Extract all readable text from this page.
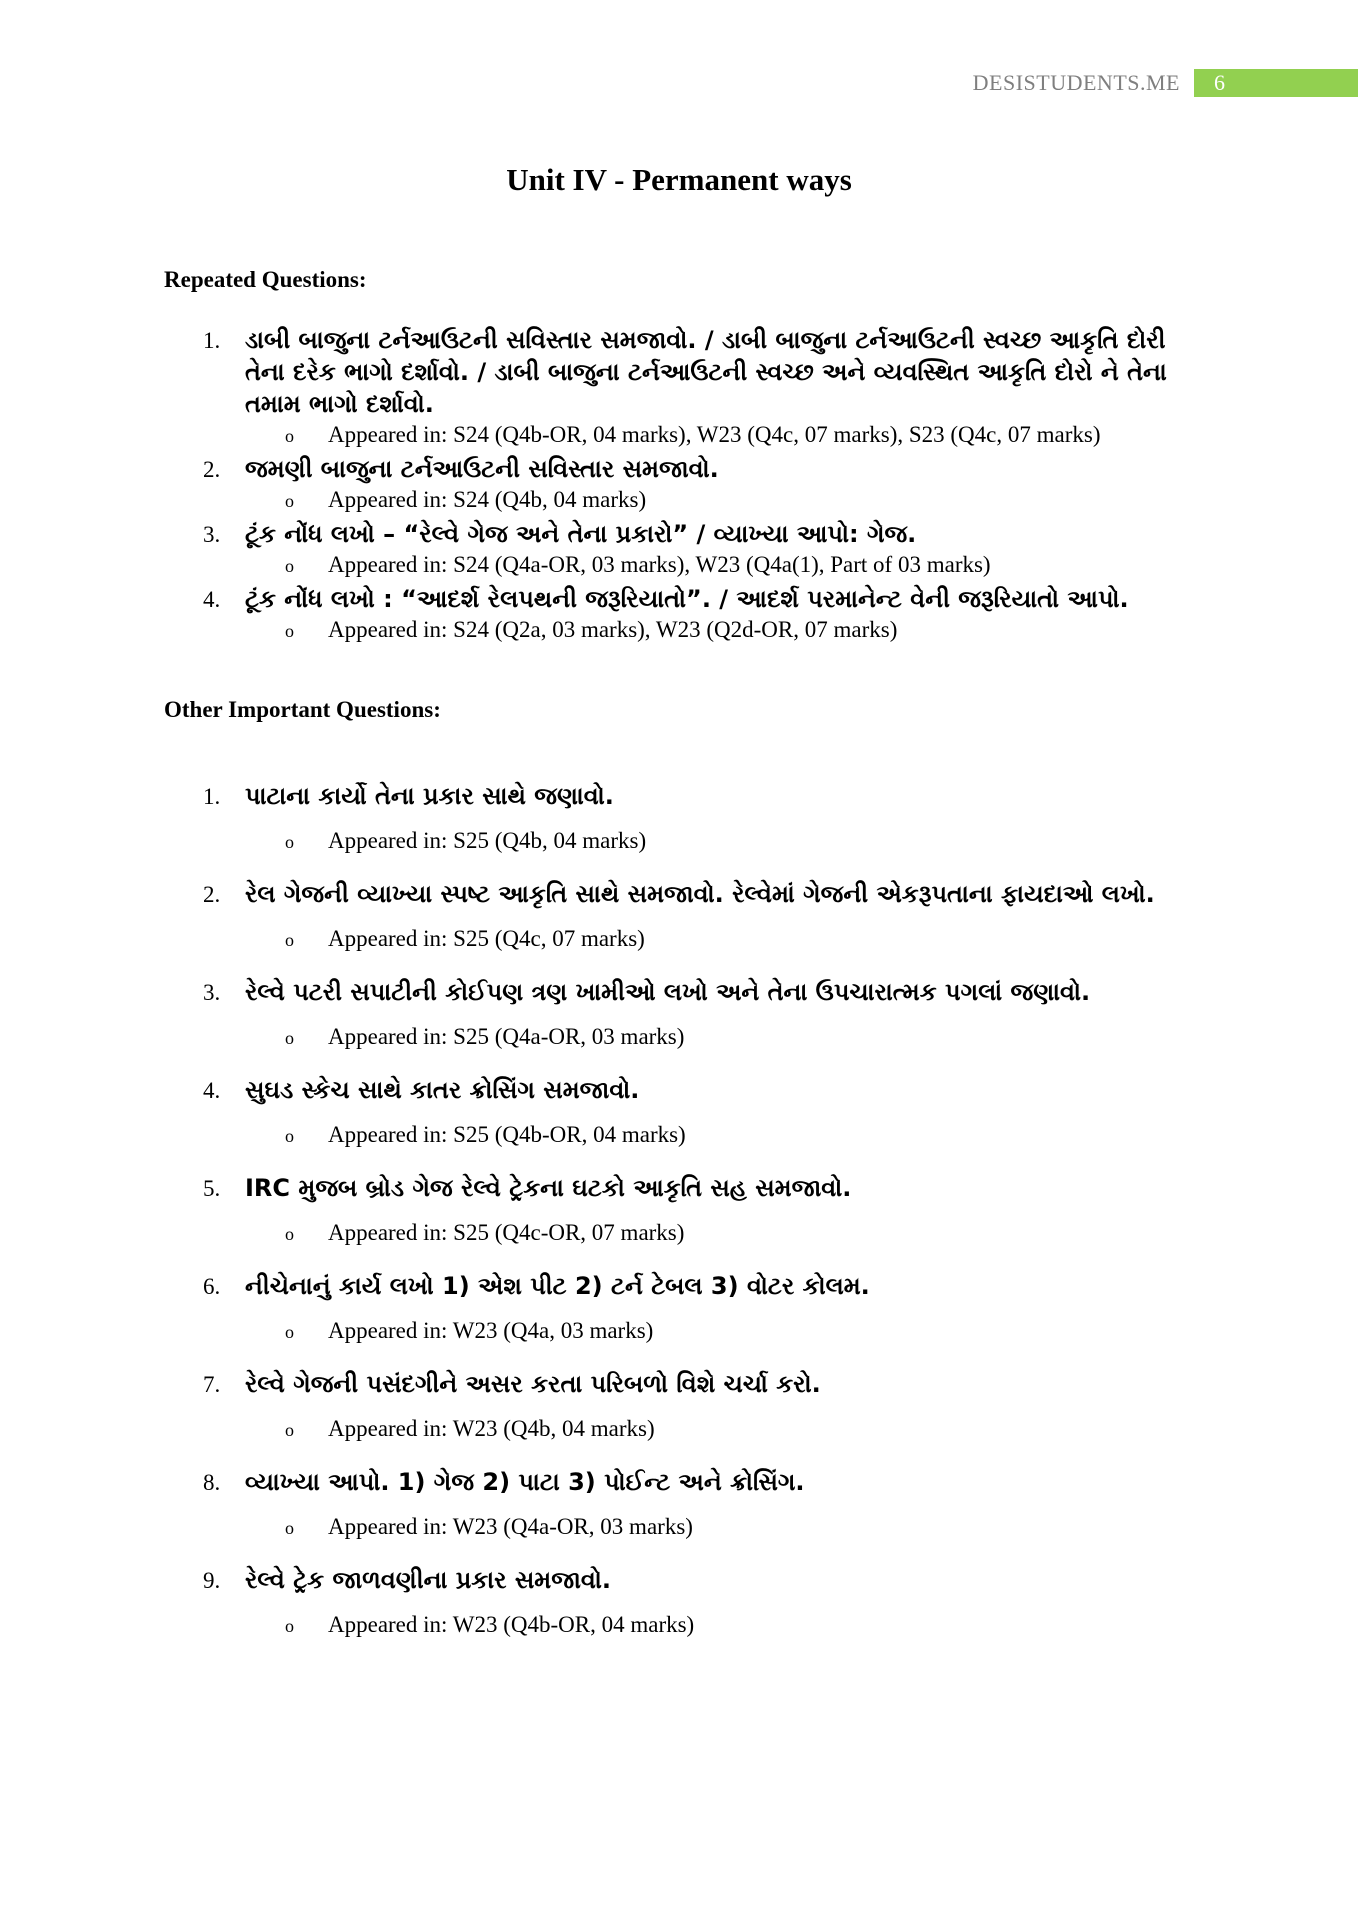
DESISTUDENTS.ME	6
Unit IV - Permanent ways
Repeated Questions:
1. ડાબી બાજુના ટર્નઆઉટની સવિસ્તાર સમજાવો. / ડાબી બાજુના ટર્નઆઉટની સ્વચ્છ આકૃતિ દોરી તેના દરેક ભાગો દર્શાવો. / ડાબી બાજુના ટર્નઆઉટની સ્વચ્છ અને વ્યવસ્થિત આકૃતિ દોરો ને તેના તમામ ભાગો દર્શાવો.

o Appeared in: S24 (Q4b-OR, 04 marks), W23 (Q4c, 07 marks), S23 (Q4c, 07 marks)
2. જમણી બાજુના ટર્નઆઉટની સવિસ્તાર સમજાવો.

o Appeared in: S24 (Q4b, 04 marks)
3. ટૂંક નોંધ લખો – “રેલ્વે ગેજ અને તેના પ્રકારો” / વ્યાખ્યા આપો: ગેજ.

o Appeared in: S24 (Q4a-OR, 03 marks), W23 (Q4a(1), Part of 03 marks)
4. ટૂંક નોંધ લખો : “આદર્શ રેલપથની જરૂરિયાતો”. / આદર્શ પરમાનેન્ટ વેની જરૂરિયાતો આપો.

o Appeared in: S24 (Q2a, 03 marks), W23 (Q2d-OR, 07 marks)
Other Important Questions:
1. પાટાના કાર્યો તેના પ્રકાર સાથે જણાવો.

o Appeared in: S25 (Q4b, 04 marks)
2. રેલ ગેજની વ્યાખ્યા સ્પષ્ટ આકૃતિ સાથે સમજાવો. રેલ્વેમાં ગેજની એકરૂપતાના ફાયદાઓ લખો.

o Appeared in: S25 (Q4c, 07 marks)
3. રેલ્વે પટરી સપાટીની કોઈપણ ત્રણ ખામીઓ લખો અને તેના ઉપચારાત્મક પગલાં જણાવો.

o Appeared in: S25 (Q4a-OR, 03 marks)
4. સુઘડ સ્કેચ સાથે કાતર ક્રોસિંગ સમજાવો.

o Appeared in: S25 (Q4b-OR, 04 marks)
5. IRC મુજબ બ્રોડ ગેજ રેલ્વે ટ્રેકના ઘટકો આકૃતિ સહ સમજાવો.

o Appeared in: S25 (Q4c-OR, 07 marks)
6. નીચેનાનું કાર્ય લખો 1) એશ પીટ 2) ટર્ન ટેબલ 3) વોટર કોલમ.

o Appeared in: W23 (Q4a, 03 marks)
7. રેલ્વે ગેજની પસંદગીને અસર કરતા પરિબળો વિશે ચર્ચા કરો.

o Appeared in: W23 (Q4b, 04 marks)
8. વ્યાખ્યા આપો. 1) ગેજ 2) પાટા 3) પોઈન્ટ અને ક્રોસિંગ.

o Appeared in: W23 (Q4a-OR, 03 marks)
9. રેલ્વે ટ્રેક જાળવણીના પ્રકાર સમજાવો.

o Appeared in: W23 (Q4b-OR, 04 marks)
